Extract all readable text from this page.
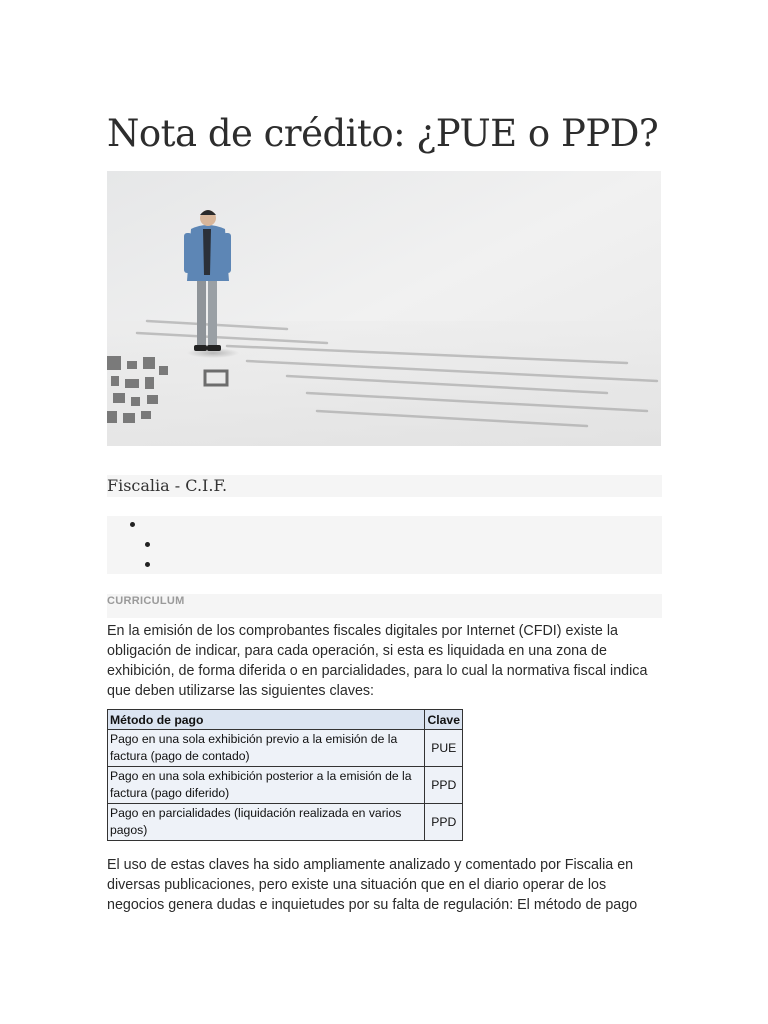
Nota de crédito: ¿PUE o PPD?
Fiscalia - C.I.F.
CURRICULUM

En la emisión de los comprobantes fiscales digitales por Internet (CFDI) existe la obligación de indicar, para cada operación, si esta es liquidada en una zona de exhibición, de forma diferida o en parcialidades, para lo cual la normativa fiscal indica que deben utilizarse las siguientes claves:

Método de pago	Clave
Pago en una sola exhibición previo a la emisión de la factura (pago de contado)	PUE
Pago en una sola exhibición posterior a la emisión de la factura (pago diferido)	PPD
Pago en parcialidades (liquidación realizada en varios pagos)	PPD

El uso de estas claves ha sido ampliamente analizado y comentado por Fiscalia en diversas publicaciones, pero existe una situación que en el diario operar de los negocios genera dudas e inquietudes por su falta de regulación: El método de pago
